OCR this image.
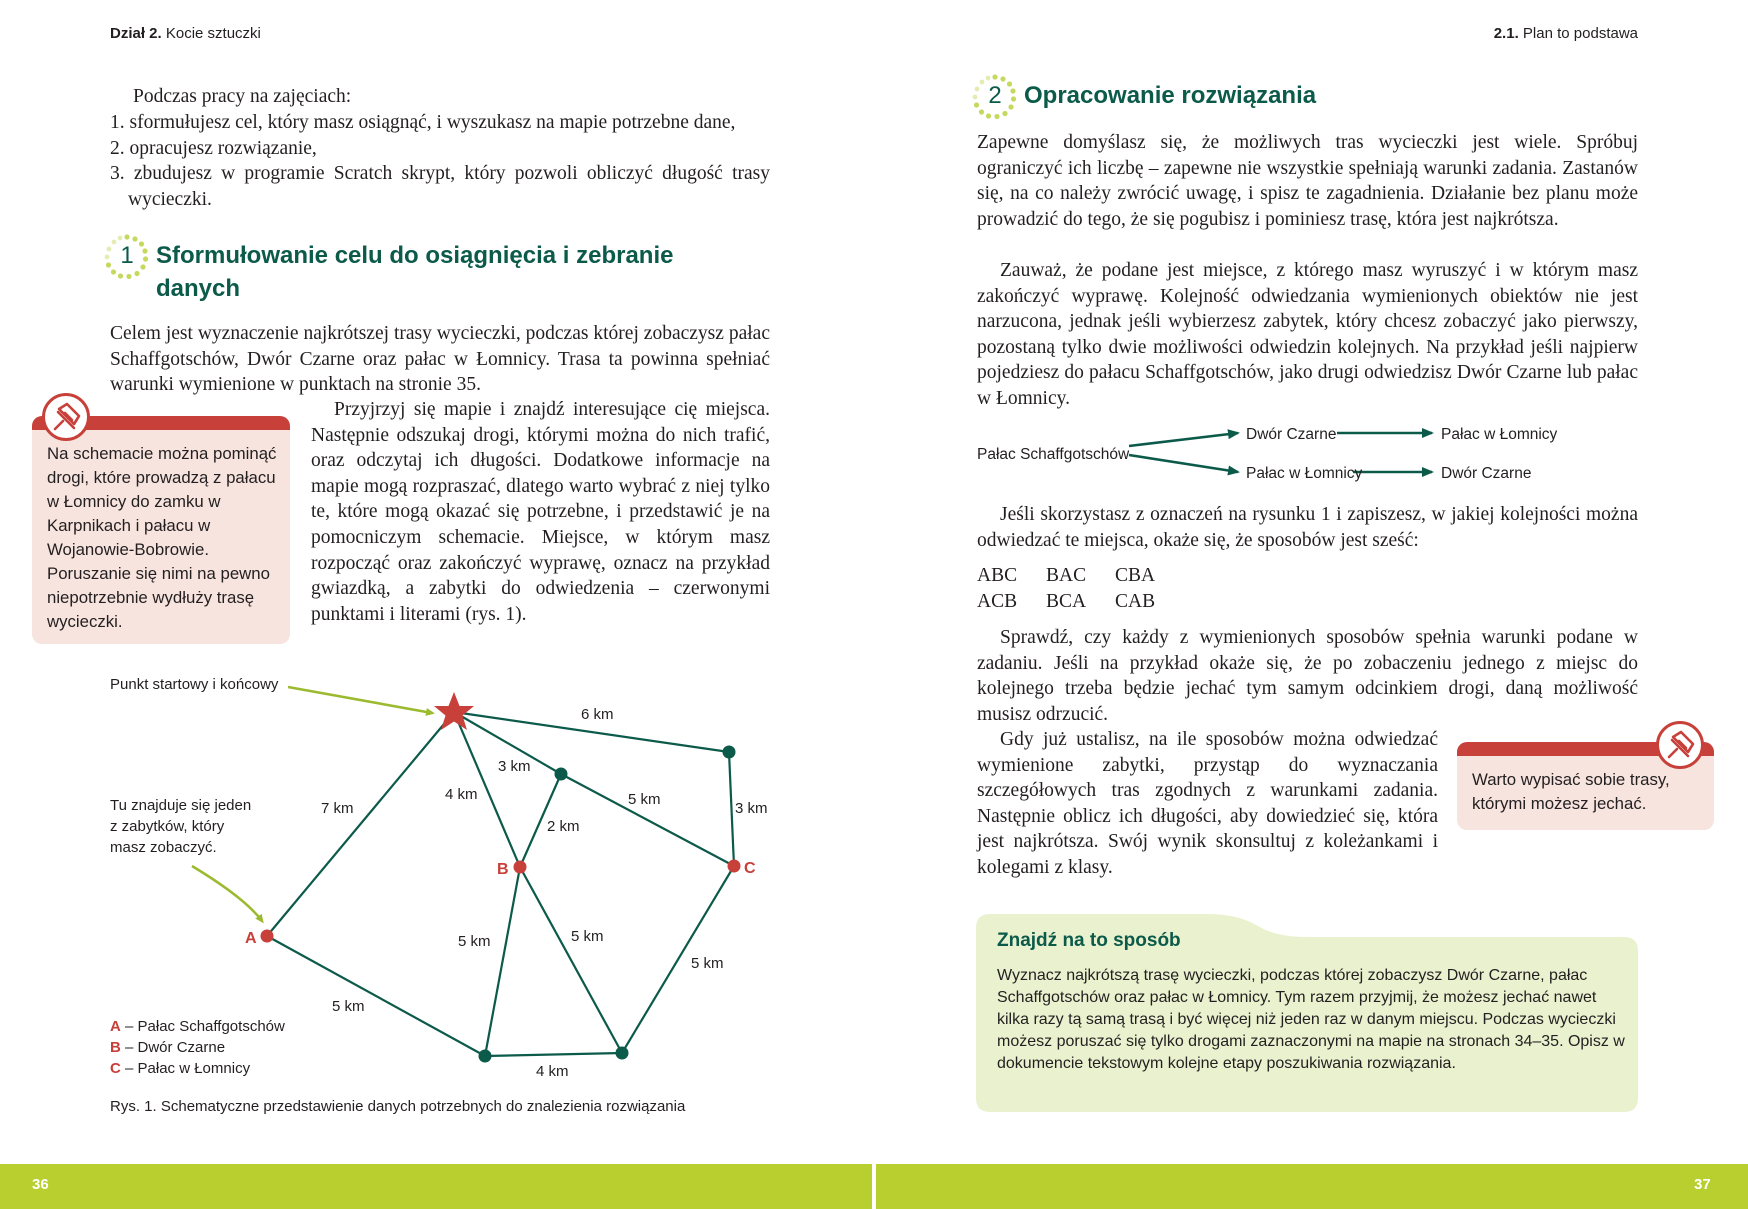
Dział 2. Kocie sztuczki
Podczas pracy na zajęciach:
1. sformułujesz cel, który masz osiągnąć, i wyszukasz na mapie potrzebne dane,
2. opracujesz rozwiązanie,
3. zbudujesz w programie Scratch skrypt, który pozwoli obliczyć długość trasy wycieczki.
1 Sformułowanie celu do osiągnięcia i zebranie danych
Celem jest wyznaczenie najkrótszej trasy wycieczki, podczas której zobaczysz pałac Schaffgotschów, Dwór Czarne oraz pałac w Łomnicy. Trasa ta powinna spełniać warunki wymienione w punktach na stronie 35.
Przyjrzyj się mapie i znajdź interesujące cię miejsca. Następnie odszukaj drogi, którymi można do nich trafić, oraz odczytaj ich długości. Dodatkowe informacje na mapie mogą rozpraszać, dlatego warto wybrać z niej tylko te, które mogą okazać się potrzebne, i przedstawić je na pomocniczym schemacie. Miejsce, w którym masz rozpocząć oraz zakończyć wyprawę, oznacz na przykład gwiazdką, a zabytki do odwiedzenia – czerwonymi punktami i literami (rys. 1).
Na schemacie można pominąć drogi, które prowadzą z pałacu w Łomnicy do zamku w Karpnikach i pałacu w Wojanowie-Bobrowie. Poruszanie się nimi na pewno niepotrzebnie wydłuży trasę wycieczki.
Punkt startowy i końcowy
Tu znajduje się jeden z zabytków, który masz zobaczyć.
A
B	C
6 km
3 km
7 km
4 km
2 km
5 km
3 km
5 km	5 km
5 km
5 km
4 km
A – Pałac Schaffgotschów
B – Dwór Czarne
C – Pałac w Łomnicy
Rys. 1. Schematyczne przedstawienie danych potrzebnych do znalezienia rozwiązania
36
2.1. Plan to podstawa
2 Opracowanie rozwiązania
Zapewne domyślasz się, że możliwych tras wycieczki jest wiele. Spróbuj ograniczyć ich liczbę – zapewne nie wszystkie spełniają warunki zadania. Zastanów się, na co należy zwrócić uwagę, i spisz te zagadnienia. Działanie bez planu może prowadzić do tego, że się pogubisz i pominiesz trasę, która jest najkrótsza.
Zauważ, że podane jest miejsce, z którego masz wyruszyć i w którym masz zakończyć wyprawę. Kolejność odwiedzania wymienionych obiektów nie jest narzucona, jednak jeśli wybierzesz zabytek, który chcesz zobaczyć jako pierwszy, pozostaną tylko dwie możliwości odwiedzin kolejnych. Na przykład jeśli najpierw pojedziesz do pałacu Schaffgotschów, jako drugi odwiedzisz Dwór Czarne lub pałac w Łomnicy.
Pałac Schaffgotschów
Dwór Czarne	Pałac w Łomnicy
Pałac w Łomnicy	Dwór Czarne
Jeśli skorzystasz z oznaczeń na rysunku 1 i zapiszesz, w jakiej kolejności można odwiedzać te miejsca, okaże się, że sposobów jest sześć:
ABC BAC CBA
ACB BCA CAB
Sprawdź, czy każdy z wymienionych sposobów spełnia warunki podane w zadaniu. Jeśli na przykład okaże się, że po zobaczeniu jednego z miejsc do kolejnego trzeba będzie jechać tym samym odcinkiem drogi, daną możliwość musisz odrzucić.
Gdy już ustalisz, na ile sposobów można odwiedzać wymienione zabytki, przystąp do wyznaczania szczegółowych tras zgodnych z warunkami zadania. Następnie oblicz ich długości, aby dowiedzieć się, która jest najkrótsza. Swój wynik skonsultuj z koleżankami i kolegami z klasy.
Warto wypisać sobie trasy, którymi możesz jechać.
Znajdź na to sposób
Wyznacz najkrótszą trasę wycieczki, podczas której zobaczysz Dwór Czarne, pałac Schaffgotschów oraz pałac w Łomnicy. Tym razem przyjmij, że możesz jechać nawet kilka razy tą samą trasą i być więcej niż jeden raz w danym miejscu. Podczas wycieczki możesz poruszać się tylko drogami zaznaczonymi na mapie na stronach 34–35. Opisz w dokumencie tekstowym kolejne etapy poszukiwania rozwiązania.
37
